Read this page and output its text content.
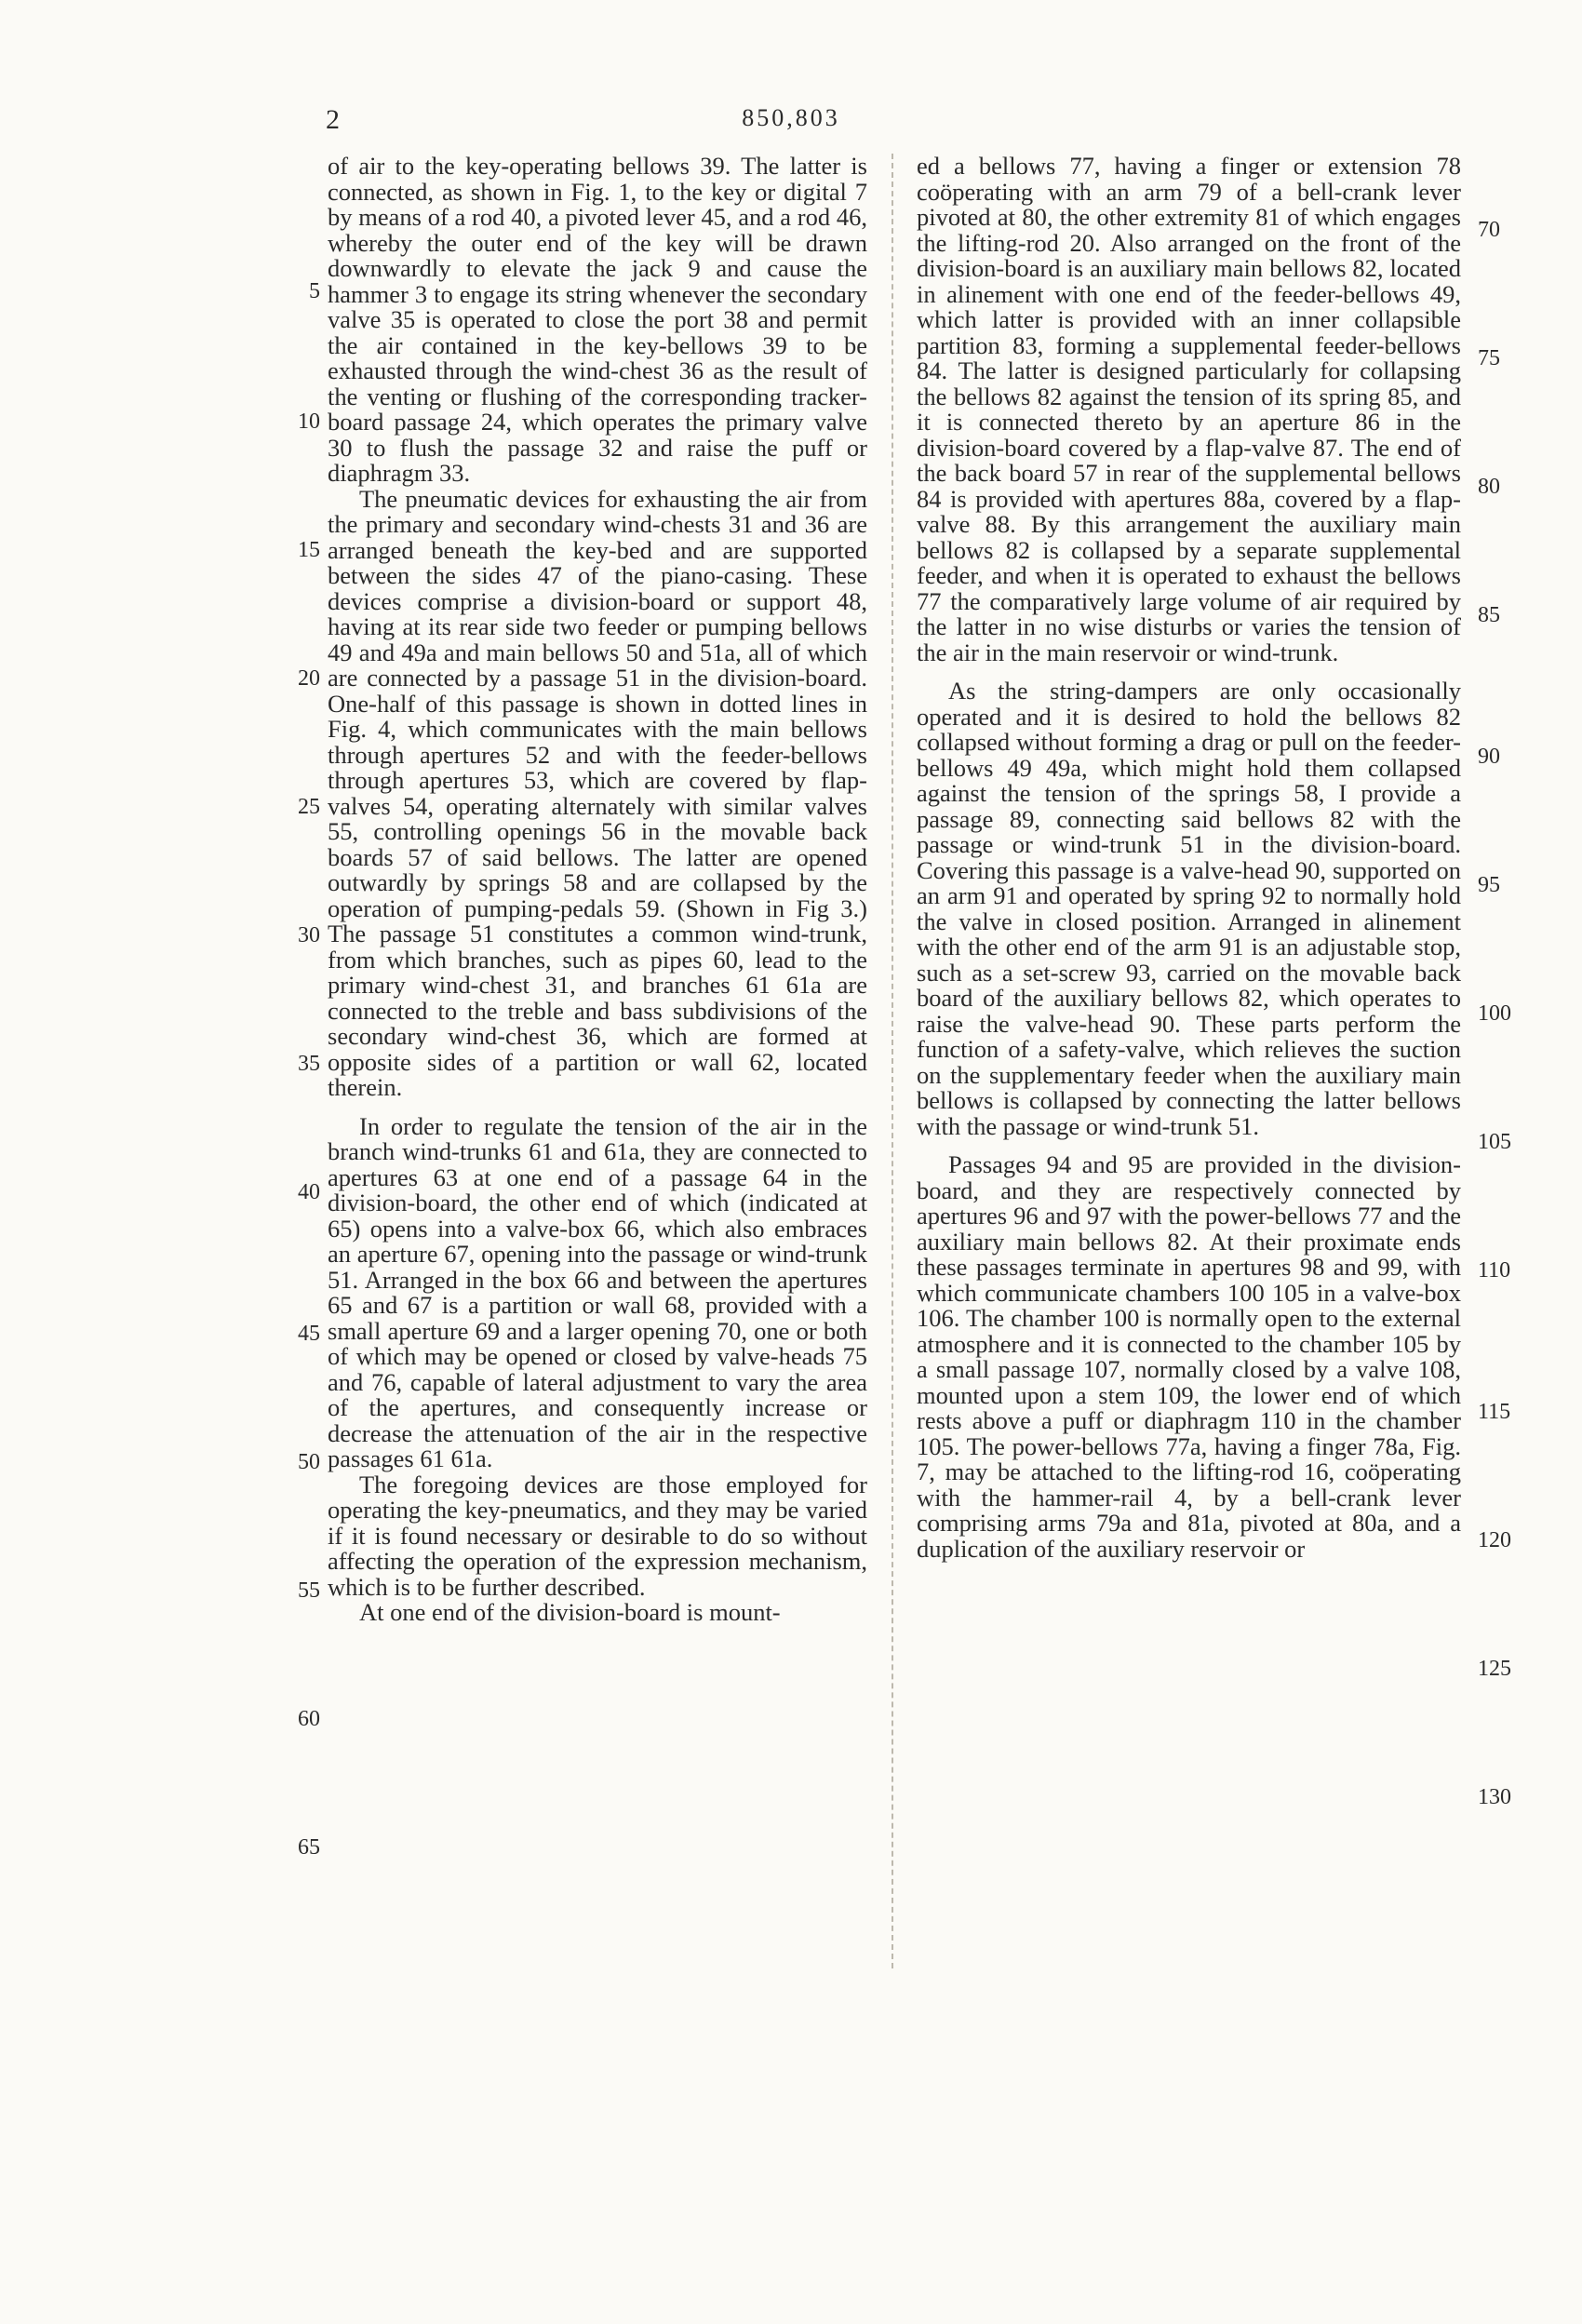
2	850,803

of air to the key-operating bellows 39. The latter is connected, as shown in Fig. 1, to the key or digital 7 by means of a rod 40, a pivoted lever 45, and a rod 46, whereby the outer end of the key will be drawn downwardly to elevate the jack 9 and cause the hammer 3 to engage its string whenever the secondary valve 35 is operated to close the port 38 and permit the air contained in the key-bellows 39 to be exhausted through the wind-chest 36 as the result of the venting or flushing of the corresponding tracker-board passage 24, which operates the primary valve 30 to flush the passage 32 and raise the puff or diaphragm 33.

The pneumatic devices for exhausting the air from the primary and secondary wind-chests 31 and 36 are arranged beneath the key-bed and are supported between the sides 47 of the piano-casing. These devices comprise a division-board or support 48, having at its rear side two feeder or pumping bellows 49 and 49a and main bellows 50 and 51a, all of which are connected by a passage 51 in the division-board. One-half of this passage is shown in dotted lines in Fig. 4, which communicates with the main bellows through apertures 52 and with the feeder-bellows through apertures 53, which are covered by flap-valves 54, operating alternately with similar valves 55, controlling openings 56 in the movable back boards 57 of said bellows. The latter are opened outwardly by springs 58 and are collapsed by the operation of pumping-pedals 59. (Shown in Fig 3.) The passage 51 constitutes a common wind-trunk, from which branches, such as pipes 60, lead to the primary wind-chest 31, and branches 61 61a are connected to the treble and bass subdivisions of the secondary wind-chest 36, which are formed at opposite sides of a partition or wall 62, located therein.

In order to regulate the tension of the air in the branch wind-trunks 61 and 61a, they are connected to apertures 63 at one end of a passage 64 in the division-board, the other end of which (indicated at 65) opens into a valve-box 66, which also embraces an aperture 67, opening into the passage or wind-trunk 51. Arranged in the box 66 and between the apertures 65 and 67 is a partition or wall 68, provided with a small aperture 69 and a larger opening 70, one or both of which may be opened or closed by valve-heads 75 and 76, capable of lateral adjustment to vary the area of the apertures, and consequently increase or decrease the attenuation of the air in the respective passages 61 61a.

The foregoing devices are those employed for operating the key-pneumatics, and they may be varied if it is found necessary or desirable to do so without affecting the operation of the expression mechanism, which is to be further described.

At one end of the division-board is mount-

ed a bellows 77, having a finger or extension 78 coöperating with an arm 79 of a bell-crank lever pivoted at 80, the other extremity 81 of which engages the lifting-rod 20. Also arranged on the front of the division-board is an auxiliary main bellows 82, located in alinement with one end of the feeder-bellows 49, which latter is provided with an inner collapsible partition 83, forming a supplemental feeder-bellows 84. The latter is designed particularly for collapsing the bellows 82 against the tension of its spring 85, and it is connected thereto by an aperture 86 in the division-board covered by a flap-valve 87. The end of the back board 57 in rear of the supplemental bellows 84 is provided with apertures 88a, covered by a flap-valve 88. By this arrangement the auxiliary main bellows 82 is collapsed by a separate supplemental feeder, and when it is operated to exhaust the bellows 77 the comparatively large volume of air required by the latter in no wise disturbs or varies the tension of the air in the main reservoir or wind-trunk.

As the string-dampers are only occasionally operated and it is desired to hold the bellows 82 collapsed without forming a drag or pull on the feeder-bellows 49 49a, which might hold them collapsed against the tension of the springs 58, I provide a passage 89, connecting said bellows 82 with the passage or wind-trunk 51 in the division-board. Covering this passage is a valve-head 90, supported on an arm 91 and operated by spring 92 to normally hold the valve in closed position. Arranged in alinement with the other end of the arm 91 is an adjustable stop, such as a set-screw 93, carried on the movable back board of the auxiliary bellows 82, which operates to raise the valve-head 90. These parts perform the function of a safety-valve, which relieves the suction on the supplementary feeder when the auxiliary main bellows is collapsed by connecting the latter bellows with the passage or wind-trunk 51.

Passages 94 and 95 are provided in the division-board, and they are respectively connected by apertures 96 and 97 with the power-bellows 77 and the auxiliary main bellows 82. At their proximate ends these passages terminate in apertures 98 and 99, with which communicate chambers 100 105 in a valve-box 106. The chamber 100 is normally open to the external atmosphere and it is connected to the chamber 105 by a small passage 107, normally closed by a valve 108, mounted upon a stem 109, the lower end of which rests above a puff or diaphragm 110 in the chamber 105. The power-bellows 77a, having a finger 78a, Fig. 7, may be attached to the lifting-rod 16, coöperating with the hammer-rail 4, by a bell-crank lever comprising arms 79a and 81a, pivoted at 80a, and a duplication of the auxiliary reservoir or

5
10
15
20
25
30
35
40
45
50
55
60
65
70
75
80
85
90
95
100
105
110
115
120
125
130
